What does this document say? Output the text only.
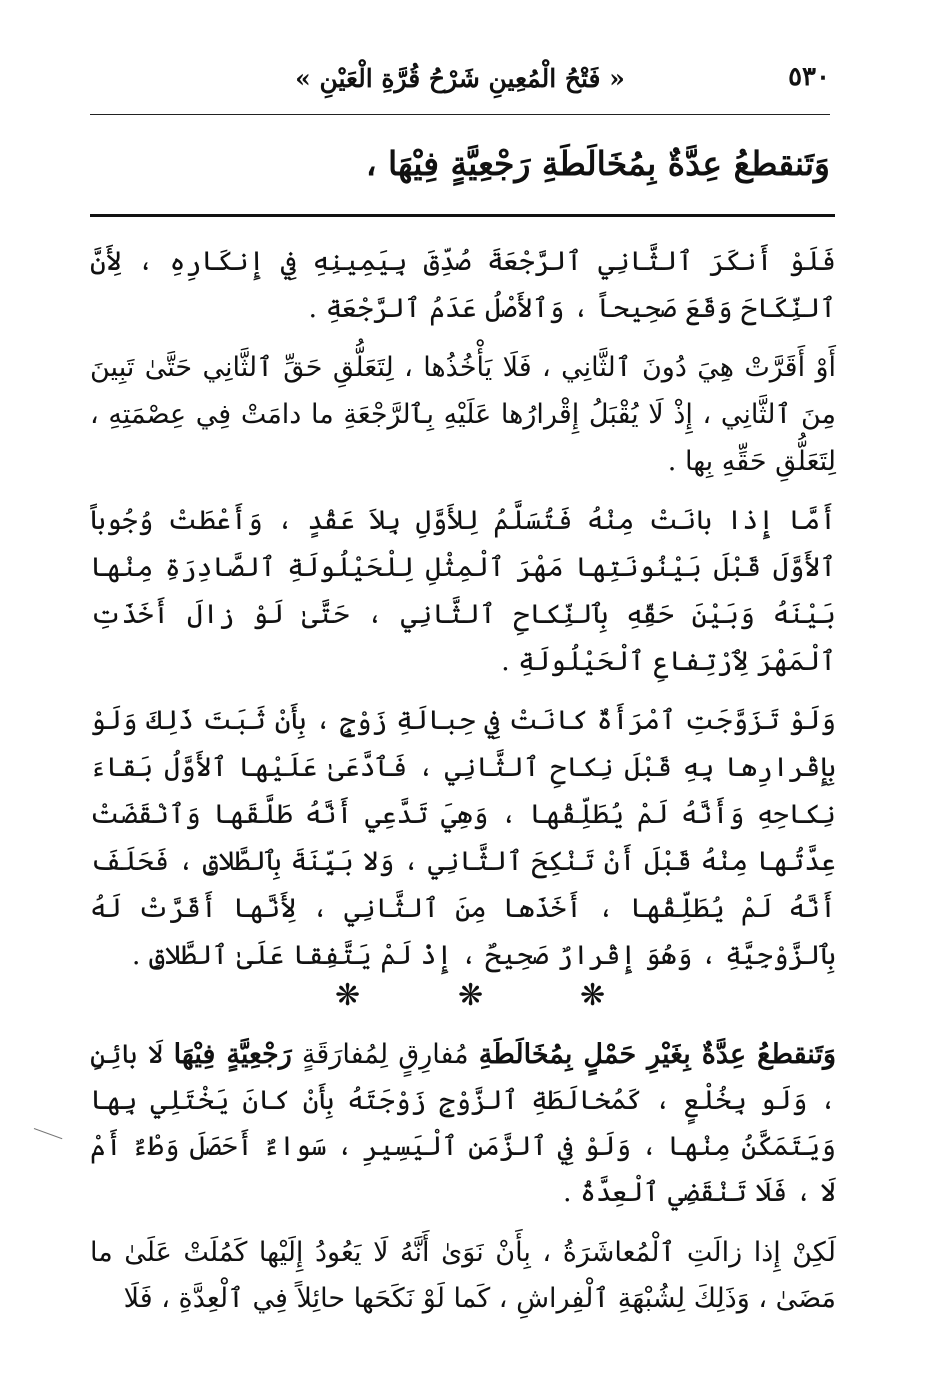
٥٣٠
« فَتْحُ الْمُعِينِ شَرْحُ قُرَّةِ الْعَيْنِ »
وَتَنقطعُ عِدَّةٌ بِمُخَالَطَةِ رَجْعِيَّةٍ فِيْهَا ،

فَلَوْ أَنكَرَ ٱلثَّانِي ٱلرَّجْعَةَ صُدِّقَ بِيَمِينِهِ فِي إِنكَارِهِ ، لِأَنَّ ٱلنِّكَاحَ وَقَعَ صَحِيحاً ، وَٱلأَصْلُ عَدَمُ ٱلرَّجْعَةِ .

أَوْ أَقَرَّتْ هِيَ دُونَ ٱلثَّانِي ، فَلَا يَأْخُذُها ، لِتَعَلُّقِ حَقِّ ٱلثَّانِي حَتَّىٰ تَبِينَ مِنَ ٱلثَّانِي ، إِذْ لَا يُقْبَلُ إِقْرارُها عَلَيْهِ بِٱلرَّجْعَةِ ما دامَتْ فِي عِصْمَتِهِ ، لِتَعَلُّقِ حَقِّهِ بِها .

أَمَّا إِذا بانَتْ مِنْهُ فَتُسَلَّمُ لِلأَوَّلِ بِلاَ عَقْدٍ ، وَأَعْطَتْ وُجُوباً ٱلأَوَّلَ قَبْلَ بَيْنُونَتِها مَهْرَ ٱلْمِثْلِ لِلْحَيْلُولَةِ ٱلصَّادِرَةِ مِنْها بَيْنَهُ وَبَيْنَ حَقِّهِ بِٱلنِّكاحِ ٱلثَّانِي ، حَتَّىٰ لَوْ زالَ أَخَذَتِ ٱلْمَهْرَ لِٱرْتِفاعِ ٱلْحَيْلُولَةِ .

وَلَوْ تَزَوَّجَتِ ٱمْرَأَةٌ كانَتْ فِي حِبالَةِ زَوْجٍ ، بِأَنْ ثَبَتَ ذَلِكَ وَلَوْ بِإِقْرارِها بِهِ قَبْلَ نِكاحِ ٱلثَّانِي ، فَٱدَّعَىٰ عَلَيْها ٱلأَوَّلُ بَقاءَ نِكاحِهِ وَأَنَّهُ لَمْ يُطَلِّقْها ، وَهِيَ تَدَّعِي أَنَّهُ طَلَّقَها وَٱنْقَضَتْ عِدَّتُها مِنْهُ قَبْلَ أَنْ تَنْكِحَ ٱلثَّانِي ، وَلا بَيِّنَةَ بِٱلطَّلاقِ ، فَحَلَفَ أَنَّهُ لَمْ يُطَلِّقْها ، أَخَذَها مِنَ ٱلثَّانِي ، لِأَنَّها أَقَرَّتْ لَهُ بِٱلزَّوْجِيَّةِ ، وَهُوَ إِقْرارٌ صَحِيحٌ ، إِذْ لَمْ يَتَّفِقا عَلَىٰ ٱلطَّلاقِ .

❋	❋	❋

وَتَنقطعُ عِدَّةٌ بِغَيْرِ حَمْلٍ بِمُخَالَطَةِ مُفارِقٍ لِمُفارَقَةٍ رَجْعِيَّةٍ فِيْهَا لَا بائِنٍ ، وَلَو بِخُلْعٍ ، كَمُخالَطَةِ ٱلزَّوْجِ زَوْجَتَهُ بِأَنْ كانَ يَخْتَلِي بِها وَيَتَمَكَّنُ مِنْها ، وَلَوْ فِي ٱلزَّمَنِ ٱلْيَسِيرِ ، سَواءٌ أَحَصَلَ وَطْءٌ أَمْ لَا ، فَلَا تَنْقَضِي ٱلْعِدَّةُ .

لَكِنْ إِذا زالَتِ ٱلْمُعاشَرَةُ ، بِأَنْ نَوَىٰ أَنَّهُ لَا يَعُودُ إِلَيْها كَمُلَتْ عَلَىٰ ما مَضَىٰ ، وَذَلِكَ لِشُبْهَةِ ٱلْفِراشِ ، كَما لَوْ نَكَحَها حائِلاً فِي ٱلْعِدَّةِ ، فَلَا
